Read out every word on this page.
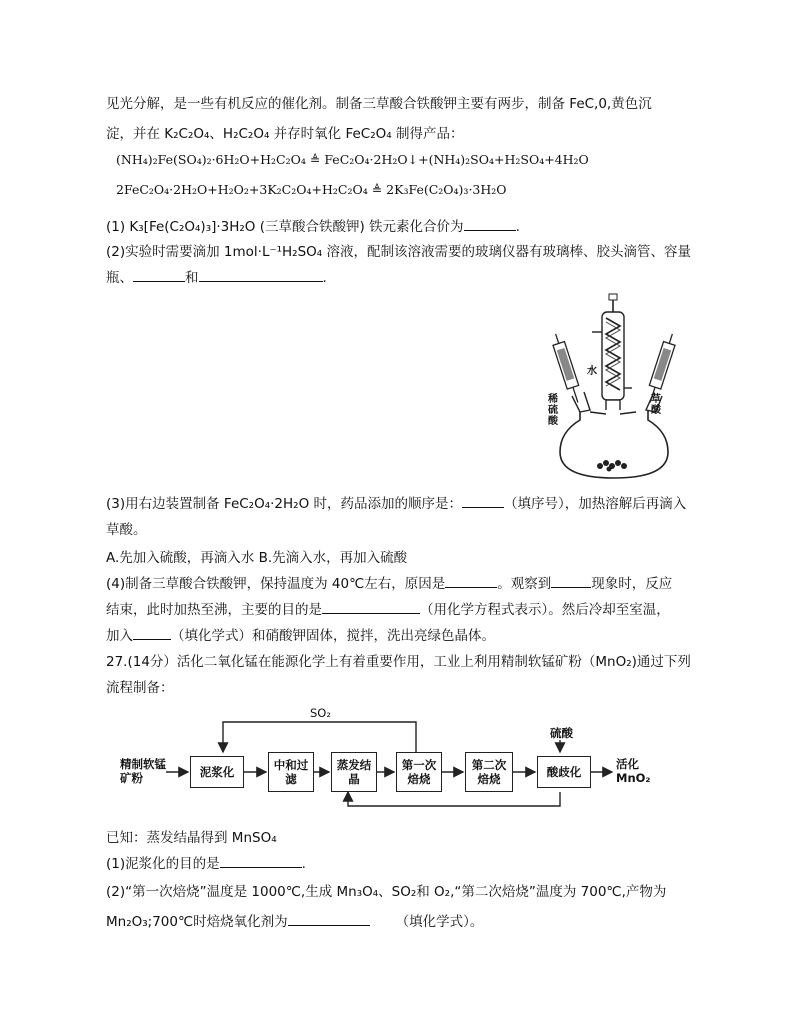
见光分解，是一些有机反应的催化剂。制备三草酸合铁酸钾主要有两步，制备 FeC,0,黄色沉
淀，并在 K₂C₂O₄、H₂C₂O₄ 并存时氧化 FeC₂O₄ 制得产品：
(NH₄)₂Fe(SO₄)₂·6H₂O+H₂C₂O₄ ≜ FeC₂O₄·2H₂O↓+(NH₄)₂SO₄+H₂SO₄+4H₂O
2FeC₂O₄·2H₂O+H₂O₂+3K₂C₂O₄+H₂C₂O₄ ≜ 2K₃Fe(C₂O₄)₃·3H₂O
(1) K₃[Fe(C₂O₄)₃]·3H₂O (三草酸合铁酸钾) 铁元素化合价为	.
(2)实验时需要滴加 1mol·L⁻¹H₂SO₄ 溶液，配制该溶液需要的玻璃仪器有玻璃棒、胶头滴管、容量
瓶、	和	.
稀硫酸
水
草酸
(3)用右边装置制备 FeC₂O₄·2H₂O 时，药品添加的顺序是：	（填序号），加热溶解后再滴入
草酸。
A.先加入硫酸，再滴入水 B.先滴入水，再加入硫酸
(4)制备三草酸合铁酸钾，保持温度为 40℃左右，原因是	。观察到	现象时，反应
结束，此时加热至沸，主要的目的是	（用化学方程式表示）。然后冷却至室温，
加入	（填化学式）和硝酸钾固体，搅拌，洗出亮绿色晶体。
27.(14分）活化二氧化锰在能源化学上有着重要作用，工业上利用精制软锰矿粉（MnO₂)通过下列
流程制备：
精制软锰矿粉	泥浆化
中和过滤
蒸发结晶
第一次焙烧
第二次焙烧
酸歧化
SO₂
硫酸
活化MnO₂
已知：蒸发结晶得到 MnSO₄
(1)泥浆化的目的是	.
(2)“第一次焙烧”温度是 1000℃,生成 Mn₃O₄、SO₂和 O₂,“第二次焙烧”温度为 700℃,产物为
Mn₂O₃;700℃时焙烧氧化剂为	（填化学式）。
